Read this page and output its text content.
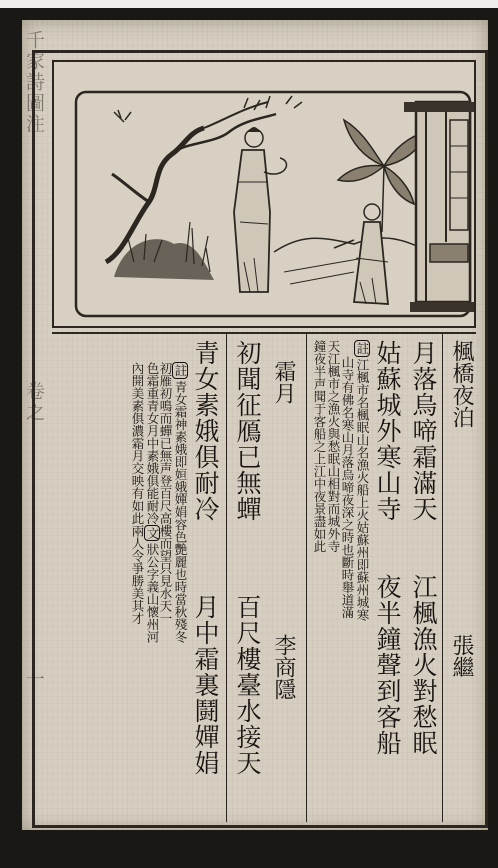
千家詩圖注
卷之
一
楓橋夜泊
張繼
月落烏啼霜滿天
江楓漁火對愁眠
姑蘇城外寒山寺
夜半鐘聲到客船
註江楓市名楓眠山名漁火船上火姑蘇州即蘇州城寒
山寺有佛名寒山月落烏啼夜深之時也斷時舉道滿
天江楓市之漁火與愁眠山相對而城外寺
鐘夜半声聞于客船之上江中夜景盡如此
霜月
李商隱
初聞征鴈已無蟬
百尺樓臺水接天
青女素娥俱耐冷
月中霜裏鬪嬋娟
註青女霜神素娥即姮娥嬋娟容色艷麗也時當秋殘冬
初雁初鳴而蟬已無声登百尺高樓而望只見水天一
色霜重青女月中素娥俱能耐冷文狀公字義山懷州河
內開美素俱濃霜月交映有如此兩人令爭勝美其才
